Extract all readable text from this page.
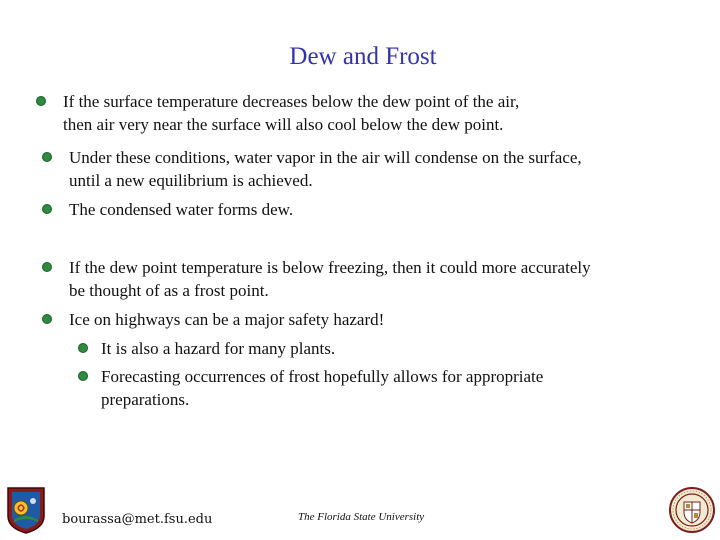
Dew and Frost
If the surface temperature decreases below the dew point of the air,
then air very near the surface will also cool below the dew point.
Under these conditions, water vapor in the air will condense on the surface,
until a new equilibrium is achieved.
The condensed water forms dew.
If the dew point temperature is below freezing, then it could more accurately
be thought of as a frost point.
Ice on highways can be a major safety hazard!
It is also a hazard for many plants.
Forecasting occurrences of frost hopefully allows for appropriate
preparations.
bourassa@met.fsu.edu	The Florida State University
